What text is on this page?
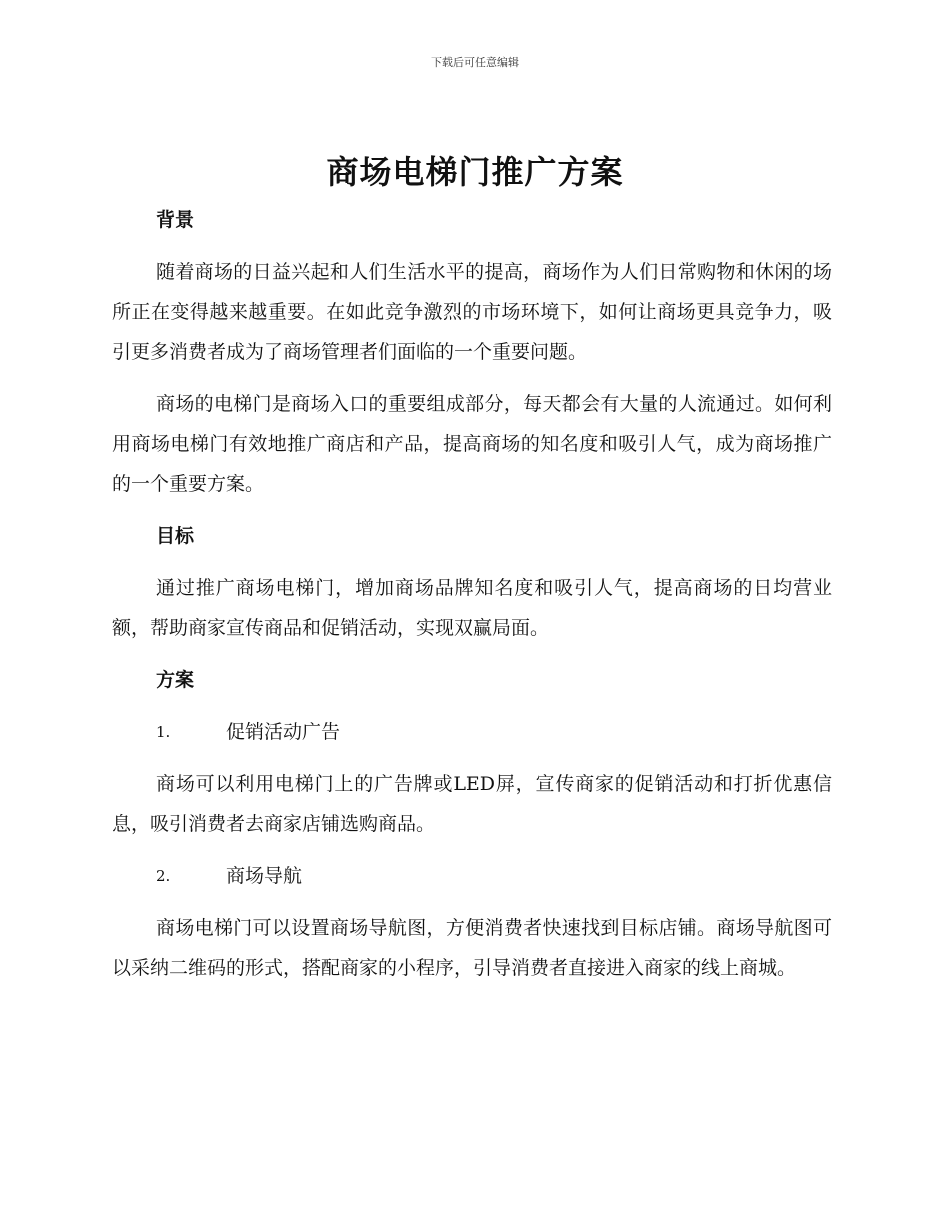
下载后可任意编辑
商场电梯门推广方案
背景

随着商场的日益兴起和人们生活水平的提高，商场作为人们日常购物和休闲的场所正在变得越来越重要。在如此竞争激烈的市场环境下，如何让商场更具竞争力，吸引更多消费者成为了商场管理者们面临的一个重要问题。

商场的电梯门是商场入口的重要组成部分，每天都会有大量的人流通过。如何利用商场电梯门有效地推广商店和产品，提高商场的知名度和吸引人气，成为商场推广的一个重要方案。

目标

通过推广商场电梯门，增加商场品牌知名度和吸引人气，提高商场的日均营业额，帮助商家宣传商品和促销活动，实现双赢局面。

方案
1.	促销活动广告

商场可以利用电梯门上的广告牌或LED屏，宣传商家的促销活动和打折优惠信息，吸引消费者去商家店铺选购商品。

2.	商场导航

商场电梯门可以设置商场导航图，方便消费者快速找到目标店铺。商场导航图可以采纳二维码的形式，搭配商家的小程序，引导消费者直接进入商家的线上商城。
